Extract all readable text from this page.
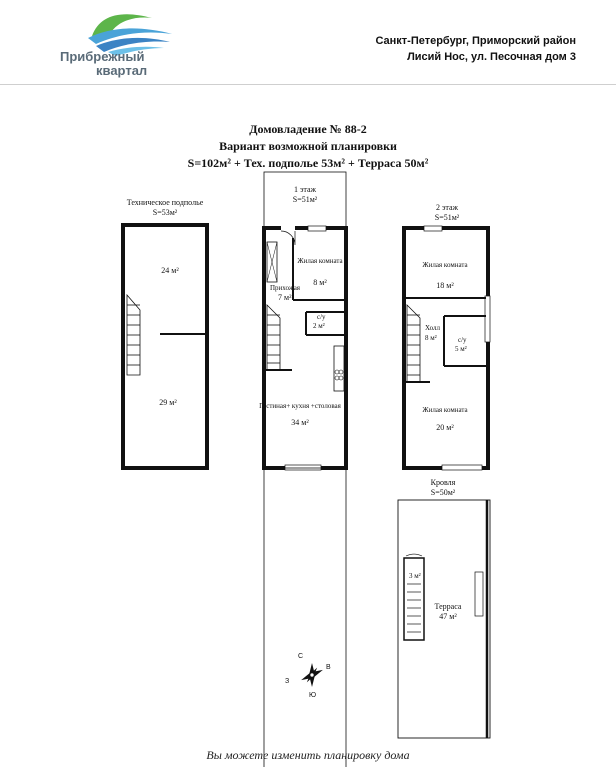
Прибрежный
квартал
Санкт-Петербург, Приморский район
Лисий Нос, ул. Песочная дом 3
Домовладение № 88-2
Вариант возможной планировки
S=102м² + Тех. подполье 53м² + Терраса 50м²
Техническое подполье
S=53м²
24 м²
29 м²
1 этаж
S=51м²
Жилая комната
8 м²
Прихожая
7 м²
с/у
2 м²
Гостиная+ кухня +столовая
34 м²
2 этаж
S=51м²
Жилая комната
18 м²
Холл
8 м²	с/у
5 м²
Жилая комната
20 м²
Кровля
S=50м²
3 м²
Терраса
47 м²
С
В
Ю
З
Вы можете изменить планировку дома
